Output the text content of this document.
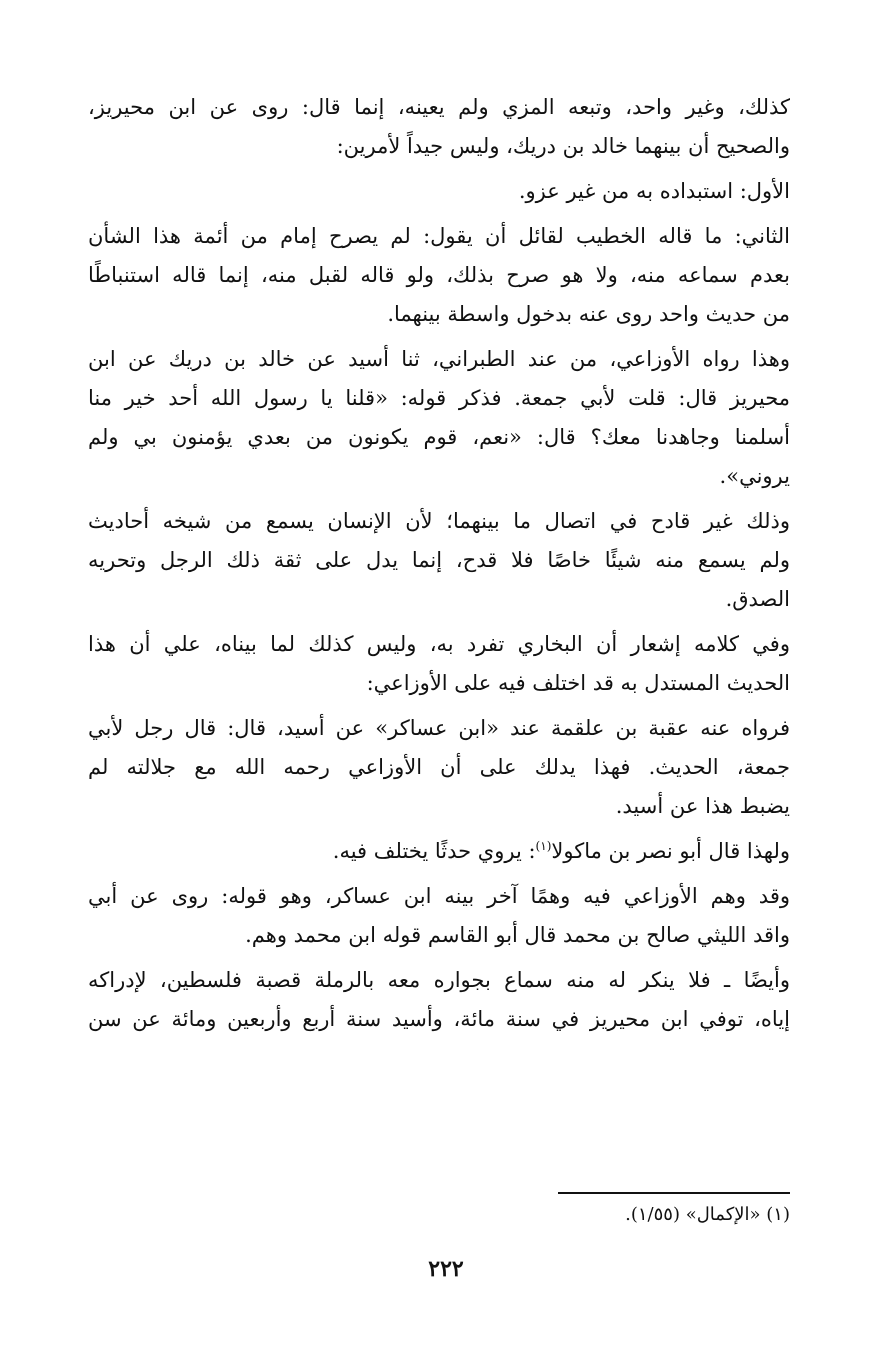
كذلك، وغير واحد، وتبعه المزي ولم يعينه، إنما قال: روى عن ابن محيريز،
والصحيح أن بينهما خالد بن دريك، وليس جيداً لأمرين:

الأول: استبداده به من غير عزو.

الثاني: ما قاله الخطيب لقائل أن يقول: لم يصرح إمام من أئمة هذا الشأن
بعدم سماعه منه، ولا هو صرح بذلك، ولو قاله لقبل منه، إنما قاله استنباطًا
من حديث واحد روى عنه بدخول واسطة بينهما.

وهذا رواه الأوزاعي، من عند الطبراني، ثنا أسيد عن خالد بن دريك عن ابن
محيريز قال: قلت لأبي جمعة. فذكر قوله: «قلنا يا رسول الله أحد خير منا
أسلمنا وجاهدنا معك؟ قال: «نعم، قوم يكونون من بعدي يؤمنون بي ولم
يروني».

وذلك غير قادح في اتصال ما بينهما؛ لأن الإنسان يسمع من شيخه أحاديث
ولم يسمع منه شيئًا خاصًا فلا قدح، إنما يدل على ثقة ذلك الرجل وتحريه
الصدق.

وفي كلامه إشعار أن البخاري تفرد به، وليس كذلك لما بيناه، علي أن هذا
الحديث المستدل به قد اختلف فيه على الأوزاعي:

فرواه عنه عقبة بن علقمة عند «ابن عساكر» عن أسيد، قال: قال رجل لأبي
جمعة، الحديث. فهذا يدلك على أن الأوزاعي رحمه الله مع جلالته لم
يضبط هذا عن أسيد.

ولهذا قال أبو نصر بن ماكولا$^{(١)}$: يروي حدثًا يختلف فيه.

وقد وهم الأوزاعي فيه وهمًا آخر بينه ابن عساكر، وهو قوله: روى عن أبي
واقد الليثي صالح بن محمد قال أبو القاسم قوله ابن محمد وهم.

وأيضًا ـ فلا ينكر له منه سماع بجواره معه بالرملة قصبة فلسطين، لإدراكه
إياه، توفي ابن محيريز في سنة مائة، وأسيد سنة أربع وأربعين ومائة عن سن

(١) «الإكمال» (١/٥٥).
٢٢٢
